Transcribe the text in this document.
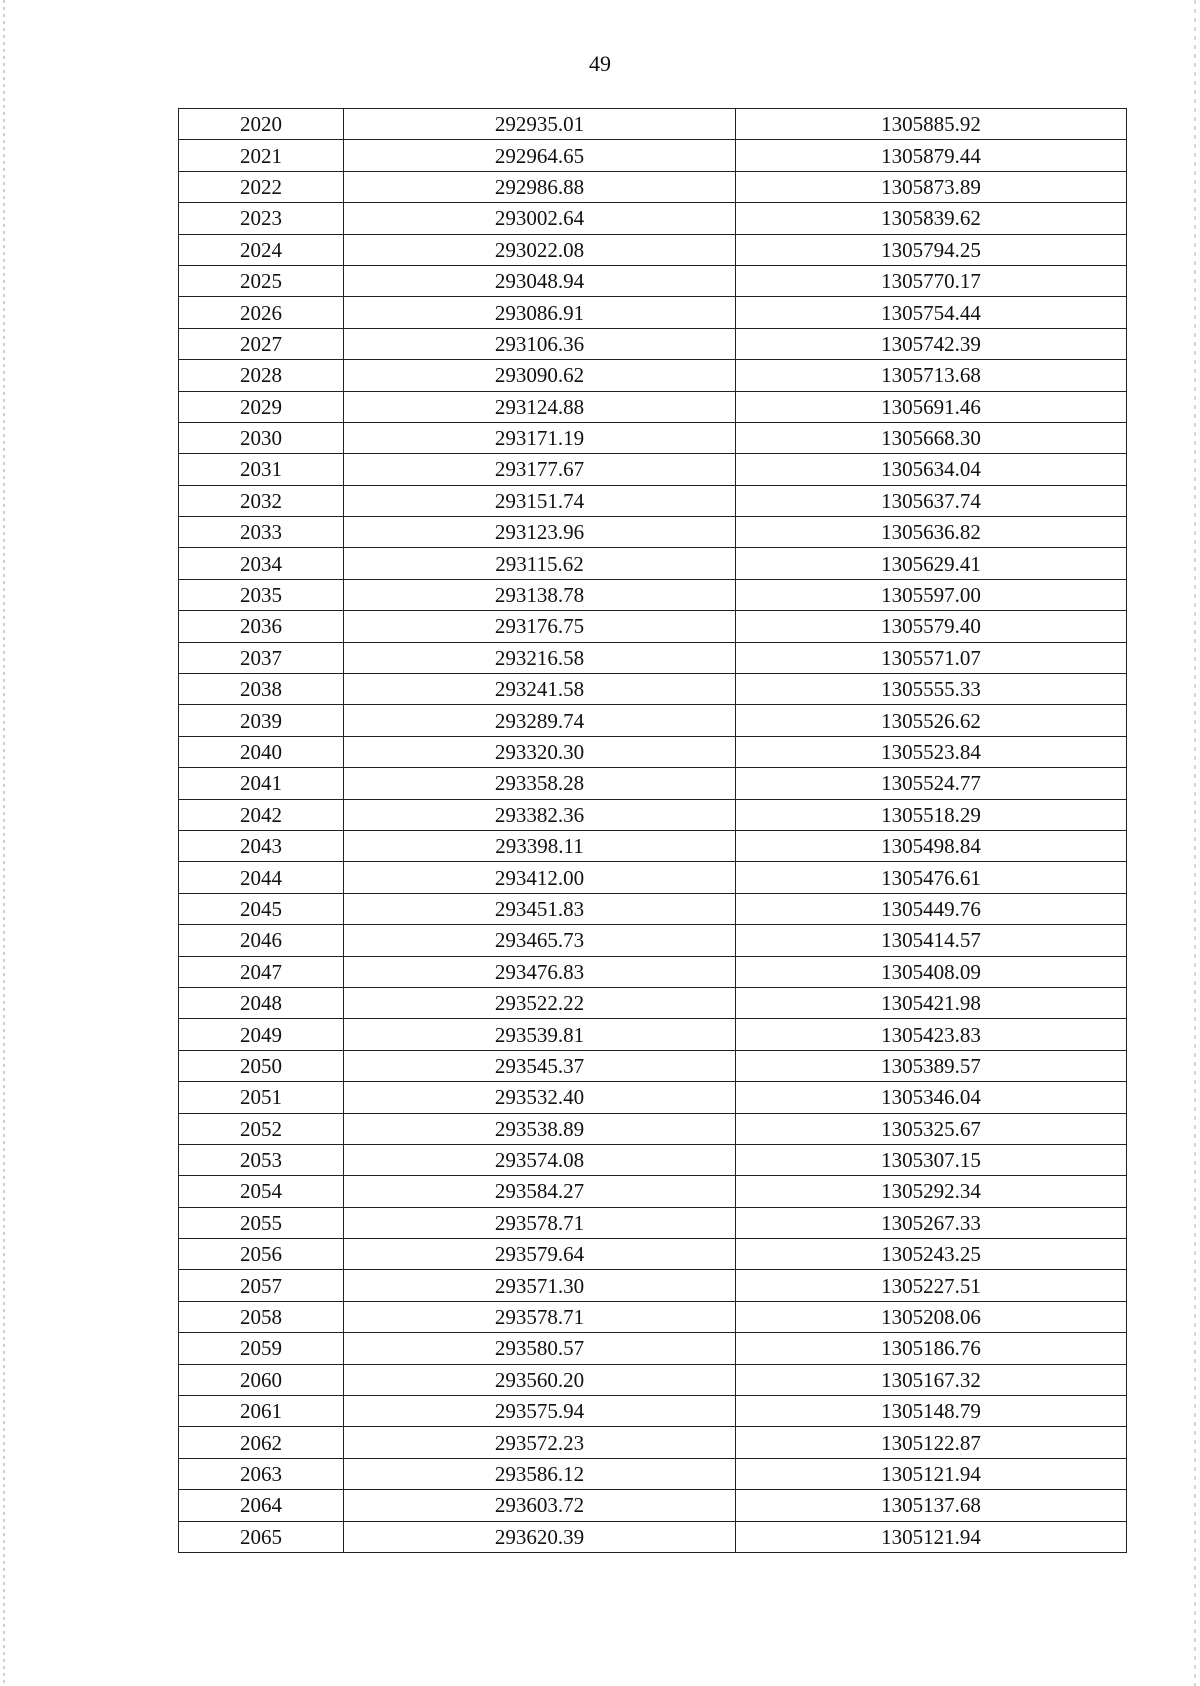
49
2020	292935.01	1305885.92
2021	292964.65	1305879.44
2022	292986.88	1305873.89
2023	293002.64	1305839.62
2024	293022.08	1305794.25
2025	293048.94	1305770.17
2026	293086.91	1305754.44
2027	293106.36	1305742.39
2028	293090.62	1305713.68
2029	293124.88	1305691.46
2030	293171.19	1305668.30
2031	293177.67	1305634.04
2032	293151.74	1305637.74
2033	293123.96	1305636.82
2034	293115.62	1305629.41
2035	293138.78	1305597.00
2036	293176.75	1305579.40
2037	293216.58	1305571.07
2038	293241.58	1305555.33
2039	293289.74	1305526.62
2040	293320.30	1305523.84
2041	293358.28	1305524.77
2042	293382.36	1305518.29
2043	293398.11	1305498.84
2044	293412.00	1305476.61
2045	293451.83	1305449.76
2046	293465.73	1305414.57
2047	293476.83	1305408.09
2048	293522.22	1305421.98
2049	293539.81	1305423.83
2050	293545.37	1305389.57
2051	293532.40	1305346.04
2052	293538.89	1305325.67
2053	293574.08	1305307.15
2054	293584.27	1305292.34
2055	293578.71	1305267.33
2056	293579.64	1305243.25
2057	293571.30	1305227.51
2058	293578.71	1305208.06
2059	293580.57	1305186.76
2060	293560.20	1305167.32
2061	293575.94	1305148.79
2062	293572.23	1305122.87
2063	293586.12	1305121.94
2064	293603.72	1305137.68
2065	293620.39	1305121.94
